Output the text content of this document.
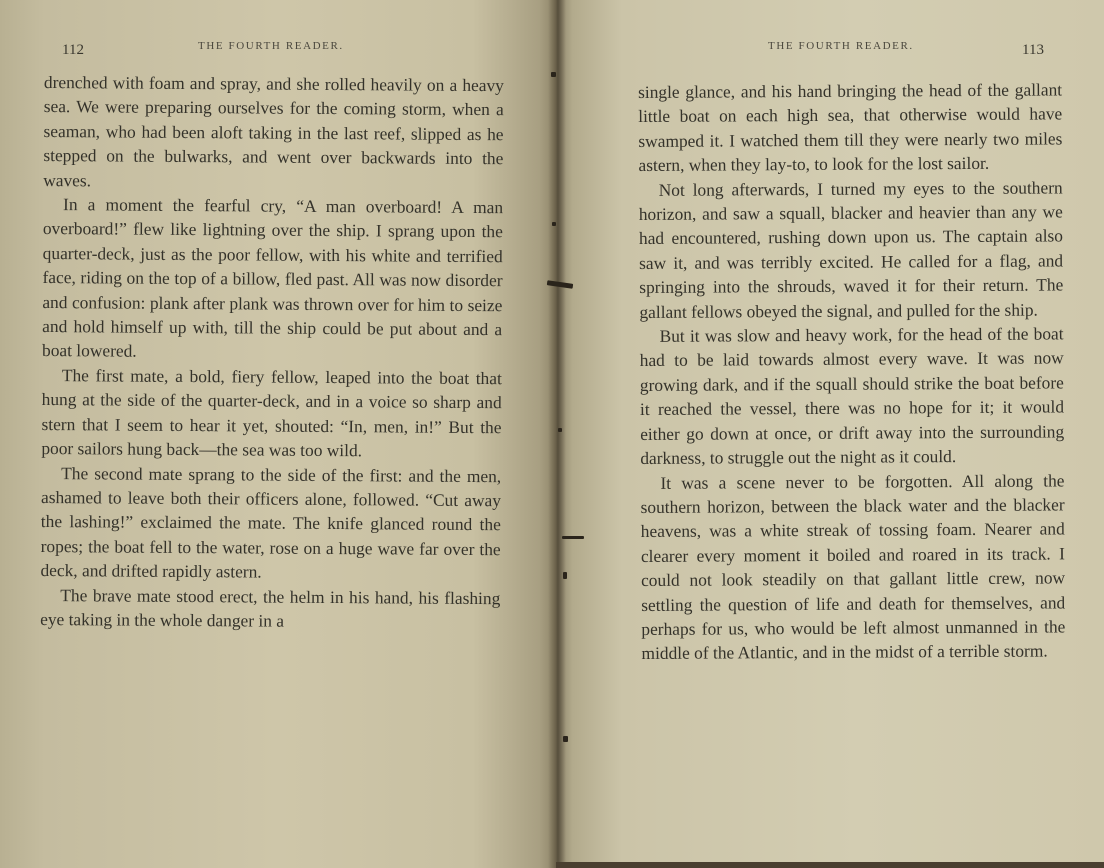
112	THE FOURTH READER.

drenched with foam and spray, and she rolled heavily on a heavy sea. We were preparing ourselves for the coming storm, when a seaman, who had been aloft taking in the last reef, slipped as he stepped on the bulwarks, and went over backwards into the waves.

In a moment the fearful cry, “A man overboard! A man overboard!” flew like lightning over the ship. I sprang upon the quarter-deck, just as the poor fellow, with his white and terrified face, riding on the top of a billow, fled past. All was now disorder and confusion: plank after plank was thrown over for him to seize and hold himself up with, till the ship could be put about and a boat lowered.

The first mate, a bold, fiery fellow, leaped into the boat that hung at the side of the quarter-deck, and in a voice so sharp and stern that I seem to hear it yet, shouted: “In, men, in!” But the poor sailors hung back—the sea was too wild.

The second mate sprang to the side of the first: and the men, ashamed to leave both their officers alone, followed. “Cut away the lashing!” exclaimed the mate. The knife glanced round the ropes; the boat fell to the water, rose on a huge wave far over the deck, and drifted rapidly astern.

The brave mate stood erect, the helm in his hand, his flashing eye taking in the whole danger in a

THE FOURTH READER.	113

single glance, and his hand bringing the head of the gallant little boat on each high sea, that otherwise would have swamped it. I watched them till they were nearly two miles astern, when they lay-to, to look for the lost sailor.

Not long afterwards, I turned my eyes to the southern horizon, and saw a squall, blacker and heavier than any we had encountered, rushing down upon us. The captain also saw it, and was terribly excited. He called for a flag, and springing into the shrouds, waved it for their return. The gallant fellows obeyed the signal, and pulled for the ship.

But it was slow and heavy work, for the head of the boat had to be laid towards almost every wave. It was now growing dark, and if the squall should strike the boat before it reached the vessel, there was no hope for it; it would either go down at once, or drift away into the surrounding darkness, to struggle out the night as it could.

It was a scene never to be forgotten. All along the southern horizon, between the black water and the blacker heavens, was a white streak of tossing foam. Nearer and clearer every moment it boiled and roared in its track. I could not look steadily on that gallant little crew, now settling the question of life and death for themselves, and perhaps for us, who would be left almost unmanned in the middle of the Atlantic, and in the midst of a terrible storm.
